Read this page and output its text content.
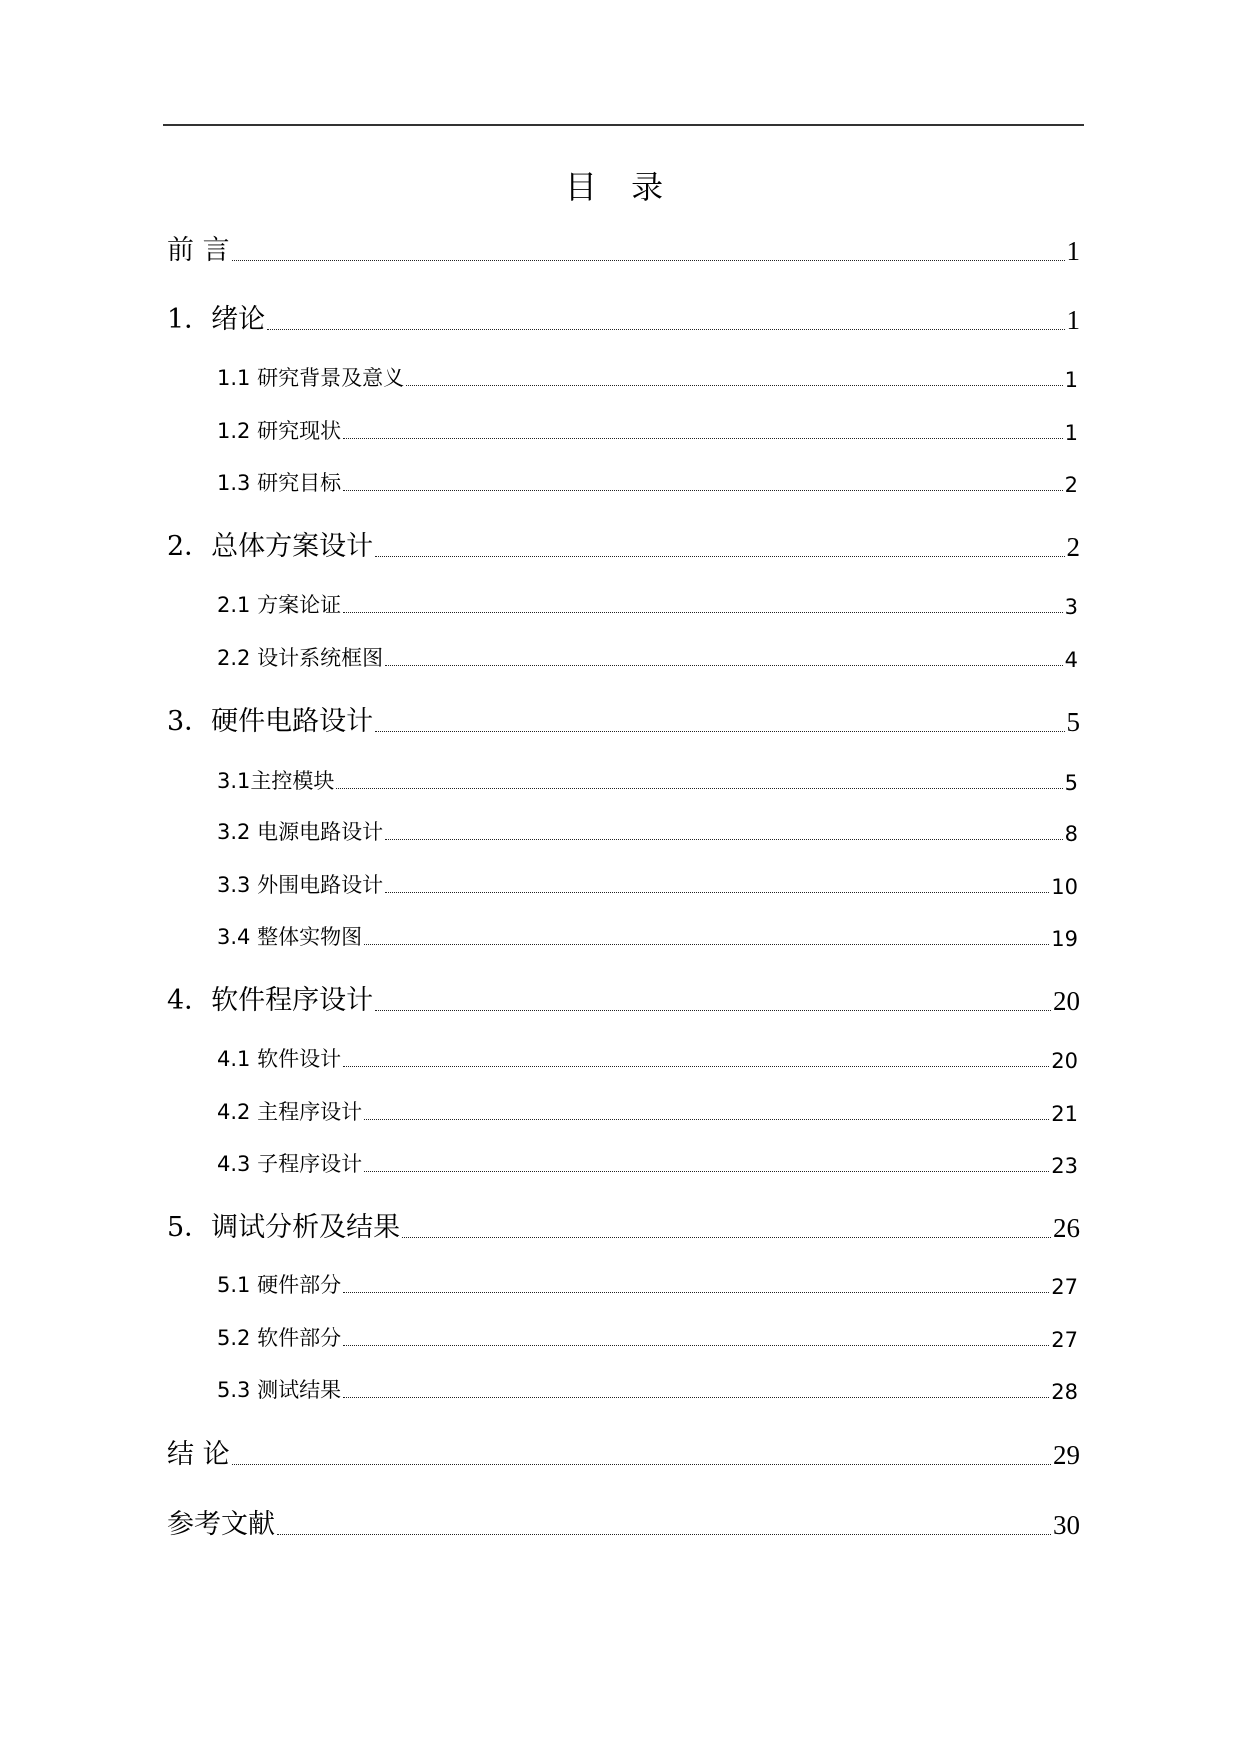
目 录
前 言	1
1．绪论	1
1.1 研究背景及意义	1
1.2 研究现状	1
1.3 研究目标	2
2．总体方案设计	2
2.1 方案论证	3
2.2 设计系统框图	4
3．硬件电路设计	5
3.1主控模块	5
3.2 电源电路设计	8
3.3 外围电路设计	10
3.4 整体实物图	19
4．软件程序设计	20
4.1 软件设计	20
4.2 主程序设计	21
4.3 子程序设计	23
5．调试分析及结果	26
5.1 硬件部分	27
5.2 软件部分	27
5.3 测试结果	28
结 论	29
参考文献	30
